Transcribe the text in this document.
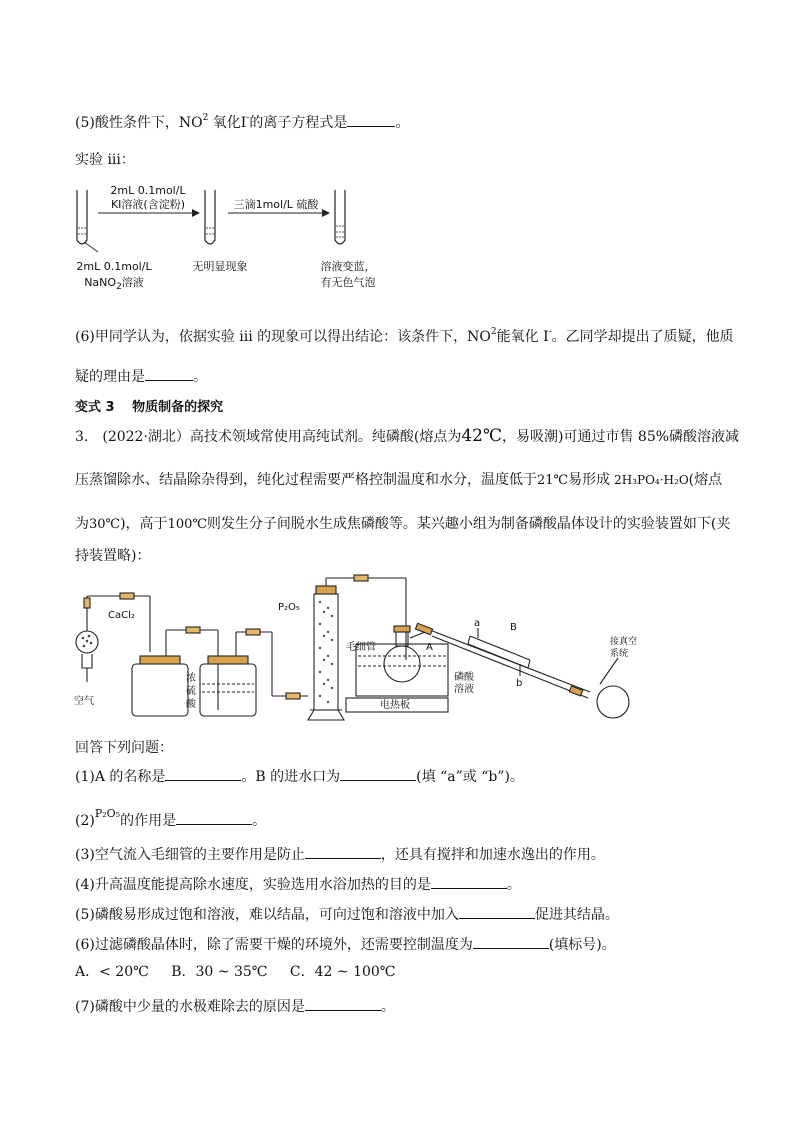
(5)酸性条件下，$NO^2$ 氧化I-的离子方程式是	。
实验 iii：
2mL 0.1mol/L
KI溶液(含淀粉)	三滴1mol/L 硫酸
2mL 0.1mol/L
NaNO$_2$溶液
无明显现象	溶液变蓝，
有无色气泡
(6)甲同学认为，依据实验 iii 的现象可以得出结论：该条件下，$NO^2$能氧化 I-。乙同学却提出了质疑，他质
疑的理由是	。
变式 3　 物质制备的探究
3.　(2022·湖北）高技术领域常使用高纯试剂。纯磷酸(熔点为42℃，易吸潮)可通过市售 85%磷酸溶液减
压蒸馏除水、结晶除杂得到，纯化过程需要严格控制温度和水分，温度低于21℃易形成 2H₃PO₄·H₂O(熔点
为30℃)，高于100℃则发生分子间脱水生成焦磷酸等。某兴趣小组为制备磷酸晶体设计的实验装置如下(夹
持装置略)：
CaCl₂
空气
P₂O₅
浓
硫
酸
毛细管	A
磷酸
溶液
电热板
a	B
b
接真空
系统
回答下列问题：
(1)A 的名称是	。B 的进水口为	(填 “a”或 “b”)。
$(2)^{P_2O_5}$的作用是	。
(3)空气流入毛细管的主要作用是防止	，还具有搅拌和加速水逸出的作用。
(4)升高温度能提高除水速度，实验选用水浴加热的目的是	。
(5)磷酸易形成过饱和溶液，难以结晶，可向过饱和溶液中加入	促进其结晶。
(6)过滤磷酸晶体时，除了需要干燥的环境外，还需要控制温度为	(填标号)。
A．< 20℃ B．30 ~ 35℃ C．42 ~ 100℃
(7)磷酸中少量的水极难除去的原因是	。
